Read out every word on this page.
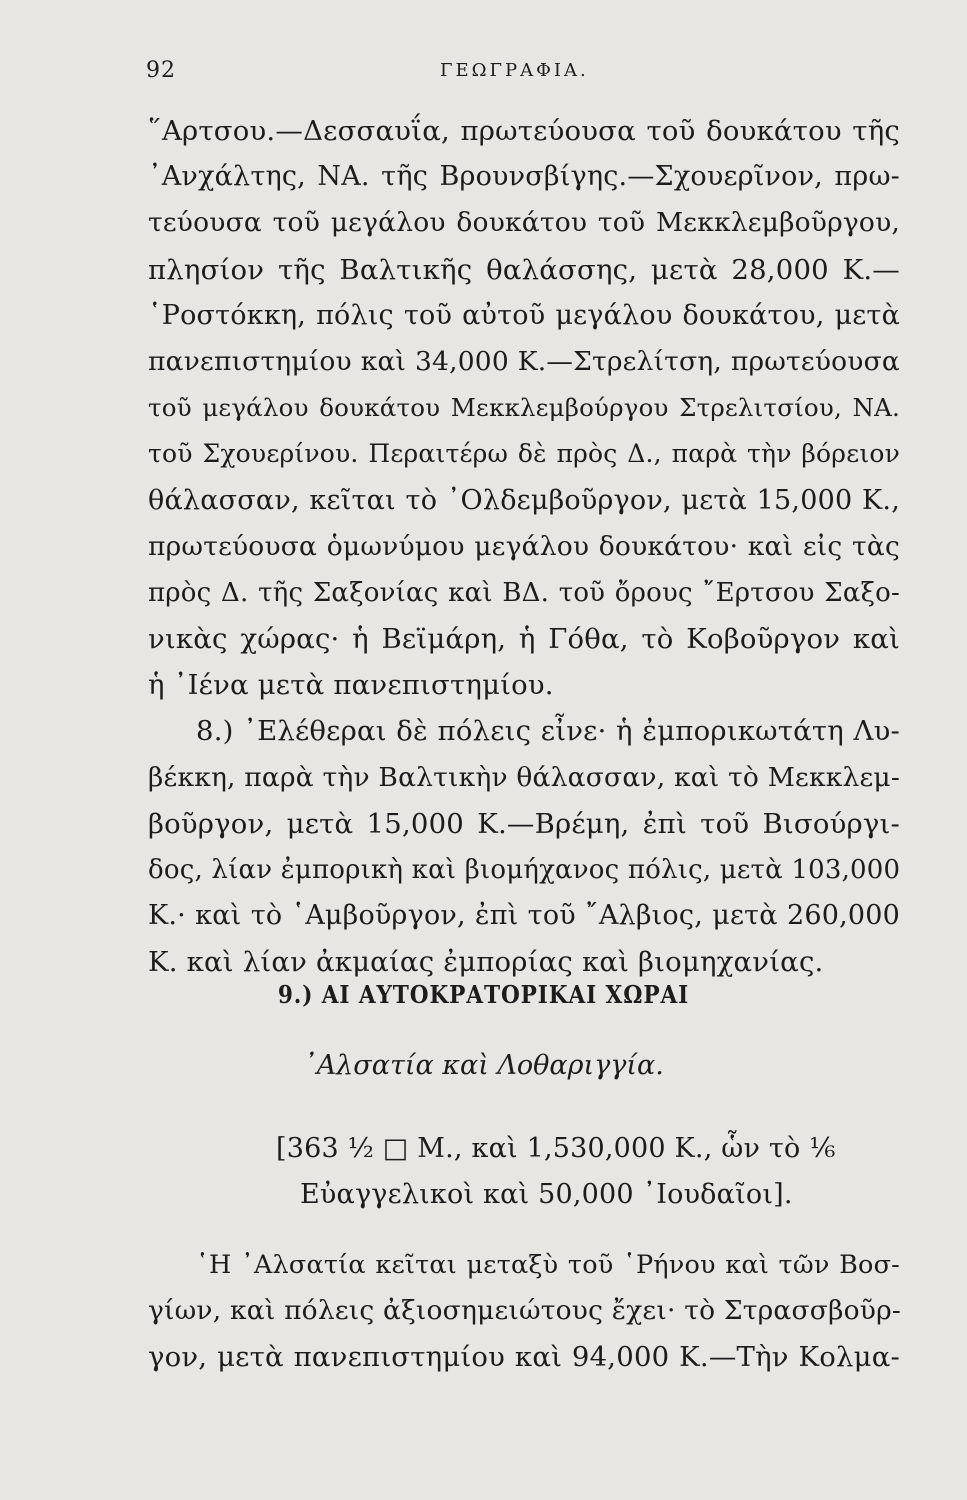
92	ΓΕΩΓΡΑΦΙΑ.
῞Αρτσου.—Δεσσαυΐα, πρωτεύουσα τοῦ δουκάτου τῆς
᾿Ανχάλτης, ΝΑ. τῆς Βρουνσβίγης.—Σχουερῖνον, πρω-
τεύουσα τοῦ μεγάλου δουκάτου τοῦ Μεκκλεμβοῦργου,
πλησίον τῆς Βαλτικῆς θαλάσσης, μετὰ 28,000 Κ.—
῾Ροστόκκη, πόλις τοῦ αὐτοῦ μεγάλου δουκάτου, μετὰ
πανεπιστημίου καὶ 34,000 Κ.—Στρελίτση, πρωτεύουσα
τοῦ μεγάλου δουκάτου Μεκκλεμβούργου Στρελιτσίου, ΝΑ.
τοῦ Σχουερίνου. Περαιτέρω δὲ πρὸς Δ., παρὰ τὴν βόρειον
θάλασσαν, κεῖται τὸ ᾿Ολδεμβοῦργον, μετὰ 15,000 Κ.,
πρωτεύουσα ὁμωνύμου μεγάλου δουκάτου· καὶ εἰς τὰς
πρὸς Δ. τῆς Σαξονίας καὶ ΒΔ. τοῦ ὄρους ῎Ερτσου Σαξο-
νικὰς χώρας· ἡ Βεϊμάρη, ἡ Γόθα, τὸ Κοβοῦργον καὶ
ἡ ᾿Ιένα μετὰ πανεπιστημίου.
8.) ᾿Ελέθεραι δὲ πόλεις εἶνε· ἡ ἐμπορικωτάτη Λυ-
βέκκη, παρὰ τὴν Βαλτικὴν θάλασσαν, καὶ τὸ Μεκκλεμ-
βοῦργον, μετὰ 15,000 Κ.—Βρέμη, ἐπὶ τοῦ Βισούργι-
δος, λίαν ἐμπορικὴ καὶ βιομήχανος πόλις, μετὰ 103,000
Κ.· καὶ τὸ ῾Αμβοῦργον, ἐπὶ τοῦ ῎Αλβιος, μετὰ 260,000
Κ. καὶ λίαν ἀκμαίας ἐμπορίας καὶ βιομηχανίας.
9.) ΑΙ ΑΥΤΟΚΡΑΤΟΡΙΚΑΙ ΧΩΡΑΙ
᾿Αλσατία καὶ Λοθαριγγία.
[363 ½ □ Μ., καὶ 1,530,000 Κ., ὧν τὸ ⅙
Εὐαγγελικοὶ καὶ 50,000 ᾿Ιουδαῖοι].
῾Η ᾿Αλσατία κεῖται μεταξὺ τοῦ ῾Ρήνου καὶ τῶν Βοσ-
γίων, καὶ πόλεις ἀξιοσημειώτους ἔχει· τὸ Στρασσβοῦρ-
γον, μετὰ πανεπιστημίου καὶ 94,000 Κ.—Τὴν Κολμα-
